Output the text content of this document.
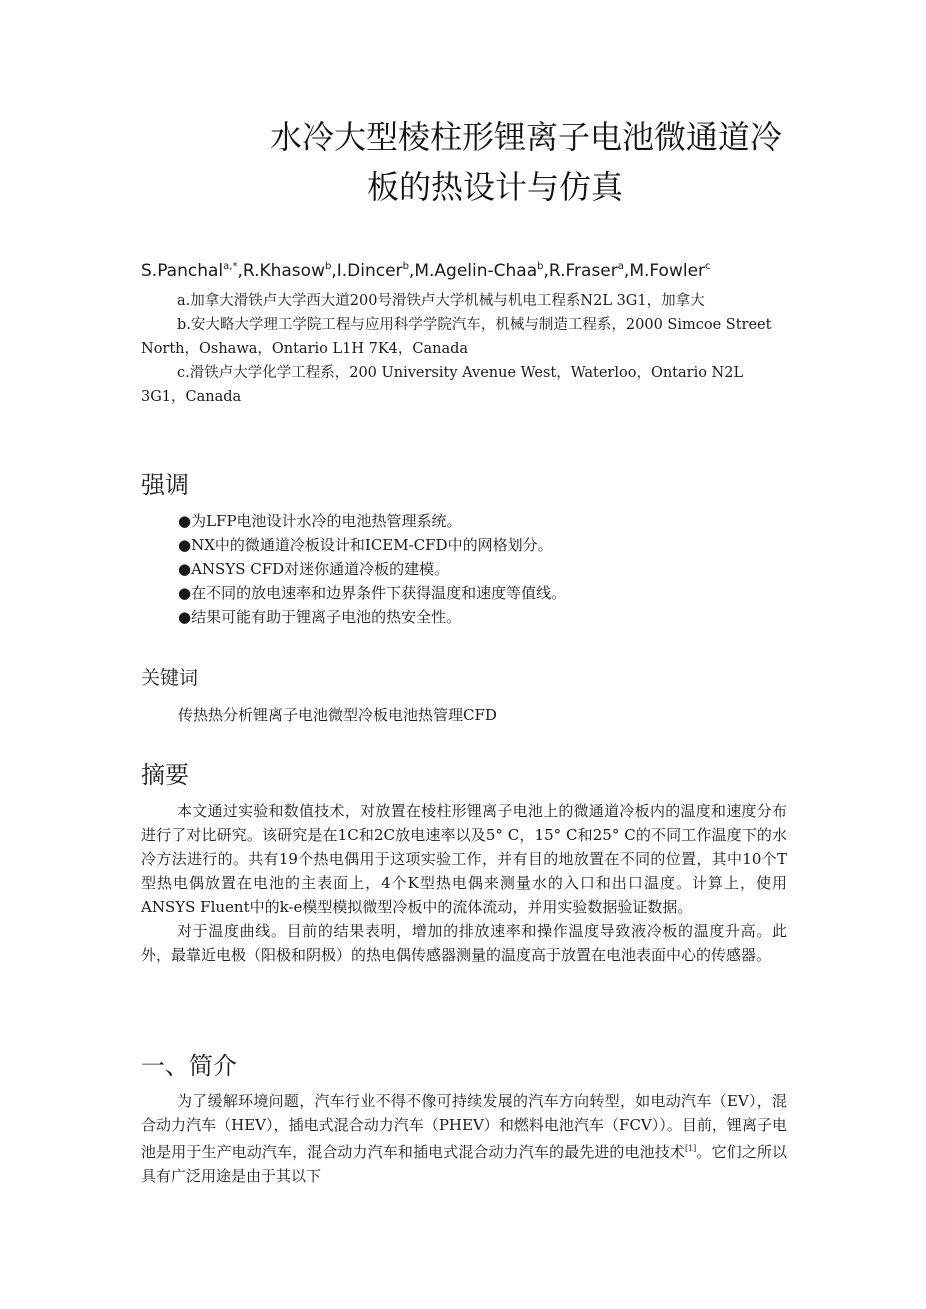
水冷大型棱柱形锂离子电池微通道冷
板的热设计与仿真
S.Panchal$^{a,*}$,R.Khasow$^b$,I.Dincer$^b$,M.Agelin-Chaa$^b$,R.Fraser$^a$,M.Fowler$^c$

a.加拿大滑铁卢大学西大道200号滑铁卢大学机械与机电工程系N2L 3G1，加拿大

b.安大略大学理工学院工程与应用科学学院汽车，机械与制造工程系，2000 Simcoe Street North，Oshawa，Ontario L1H 7K4，Canada

c.滑铁卢大学化学工程系，200 University Avenue West，Waterloo，Ontario N2L 3G1，Canada

强调
●为LFP电池设计水冷的电池热管理系统。
●NX中的微通道冷板设计和ICEM-CFD中的网格划分。
●ANSYS CFD对迷你通道冷板的建模。
●在不同的放电速率和边界条件下获得温度和速度等值线。
●结果可能有助于锂离子电池的热安全性。
关键词
传热热分析锂离子电池微型冷板电池热管理CFD
摘要

本文通过实验和数值技术，对放置在棱柱形锂离子电池上的微通道冷板内的温度和速度分布进行了对比研究。该研究是在1C和2C放电速率以及5° C，15° C和25° C的不同工作温度下的水冷方法进行的。共有19个热电偶用于这项实验工作，并有目的地放置在不同的位置，其中10个T型热电偶放置在电池的主表面上，4个K型热电偶来测量水的入口和出口温度。计算上，使用ANSYS Fluent中的k-e模型模拟微型冷板中的流体流动，并用实验数据验证数据。

对于温度曲线。目前的结果表明，增加的排放速率和操作温度导致液冷板的温度升高。此外，最靠近电极（阳极和阴极）的热电偶传感器测量的温度高于放置在电池表面中心的传感器。

一、简介

为了缓解环境问题，汽车行业不得不像可持续发展的汽车方向转型，如电动汽车（EV），混合动力汽车（HEV），插电式混合动力汽车（PHEV）和燃料电池汽车（FCV））。目前，锂离子电池是用于生产电动汽车，混合动力汽车和插电式混合动力汽车的最先进的电池技术[1]。它们之所以具有广泛用途是由于其以下
